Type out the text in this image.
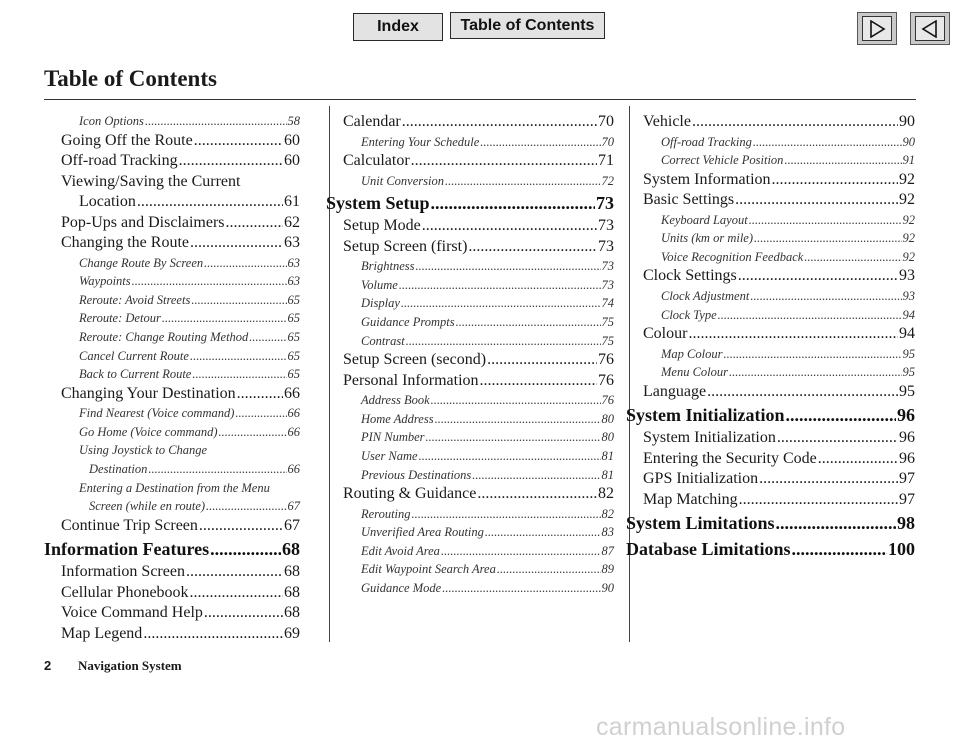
Index	Table of Contents
Table of Contents
Icon Options .....	58
Going Off the Route .....	60
Off-road Tracking .....	60
Viewing/Saving the Current
Location .....	61
Pop-Ups and Disclaimers .....	62
Changing the Route .....	63
Change Route By Screen .....	63
Waypoints .....	63
Reroute: Avoid Streets .....	65
Reroute: Detour .....	65
Reroute: Change Routing Method .....	65
Cancel Current Route .....	65
Back to Current Route .....	65
Changing Your Destination .....	66
Find Nearest (Voice command) .....	66
Go Home (Voice command) .....	66
Using Joystick to Change
Destination .....	66
Entering a Destination from the Menu
Screen (while en route) .....	67
Continue Trip Screen .....	67
Information Features .....	68
Information Screen .....	68
Cellular Phonebook .....	68
Voice Command Help .....	68
Map Legend .....	69
Calendar .....	70
Entering Your Schedule .....	70
Calculator .....	71
Unit Conversion .....	72
System Setup .....	73
Setup Mode .....	73
Setup Screen (first) .....	73
Brightness .....	73
Volume .....	73
Display .....	74
Guidance Prompts .....	75
Contrast .....	75
Setup Screen (second) .....	76
Personal Information .....	76
Address Book .....	76
Home Address .....	80
PIN Number .....	80
User Name .....	81
Previous Destinations .....	81
Routing & Guidance .....	82
Rerouting .....	82
Unverified Area Routing .....	83
Edit Avoid Area .....	87
Edit Waypoint Search Area .....	89
Guidance Mode .....	90
Vehicle .....	90
Off-road Tracking .....	90
Correct Vehicle Position .....	91
System Information .....	92
Basic Settings .....	92
Keyboard Layout .....	92
Units (km or mile) .....	92
Voice Recognition Feedback .....	92
Clock Settings .....	93
Clock Adjustment .....	93
Clock Type .....	94
Colour .....	94
Map Colour .....	95
Menu Colour .....	95
Language .....	95
System Initialization .....	96
System Initialization .....	96
Entering the Security Code .....	96
GPS Initialization .....	97
Map Matching .....	97
System Limitations .....	98
Database Limitations .....	100
2 Navigation System
carmanualsonline.info
